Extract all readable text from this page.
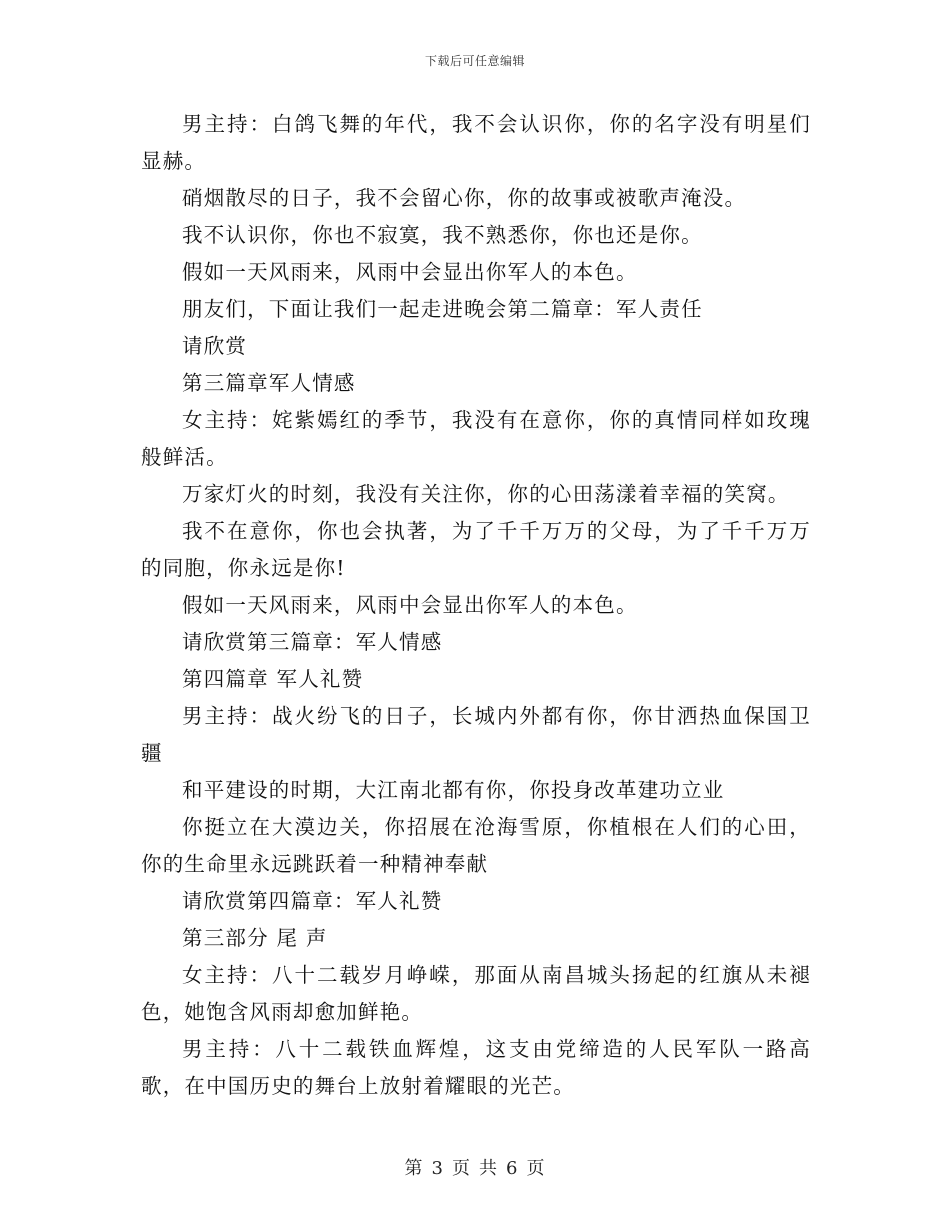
下载后可任意编辑

男主持：白鸽飞舞的年代，我不会认识你，你的名字没有明星们显赫。

硝烟散尽的日子，我不会留心你，你的故事或被歌声淹没。

我不认识你，你也不寂寞，我不熟悉你，你也还是你。

假如一天风雨来，风雨中会显出你军人的本色。

朋友们，下面让我们一起走进晚会第二篇章：军人责任

请欣赏

第三篇章军人情感

女主持：姹紫嫣红的季节，我没有在意你，你的真情同样如玫瑰般鲜活。

万家灯火的时刻，我没有关注你，你的心田荡漾着幸福的笑窝。

我不在意你，你也会执著，为了千千万万的父母，为了千千万万的同胞，你永远是你!

假如一天风雨来，风雨中会显出你军人的本色。

请欣赏第三篇章：军人情感

第四篇章 军人礼赞

男主持：战火纷飞的日子，长城内外都有你，你甘洒热血保国卫疆

和平建设的时期，大江南北都有你，你投身改革建功立业

你挺立在大漠边关，你招展在沧海雪原，你植根在人们的心田，你的生命里永远跳跃着一种精神奉献

请欣赏第四篇章：军人礼赞

第三部分 尾 声

女主持：八十二载岁月峥嵘，那面从南昌城头扬起的红旗从未褪色，她饱含风雨却愈加鲜艳。

男主持：八十二载铁血辉煌，这支由党缔造的人民军队一路高歌，在中国历史的舞台上放射着耀眼的光芒。

第 3 页 共 6 页
